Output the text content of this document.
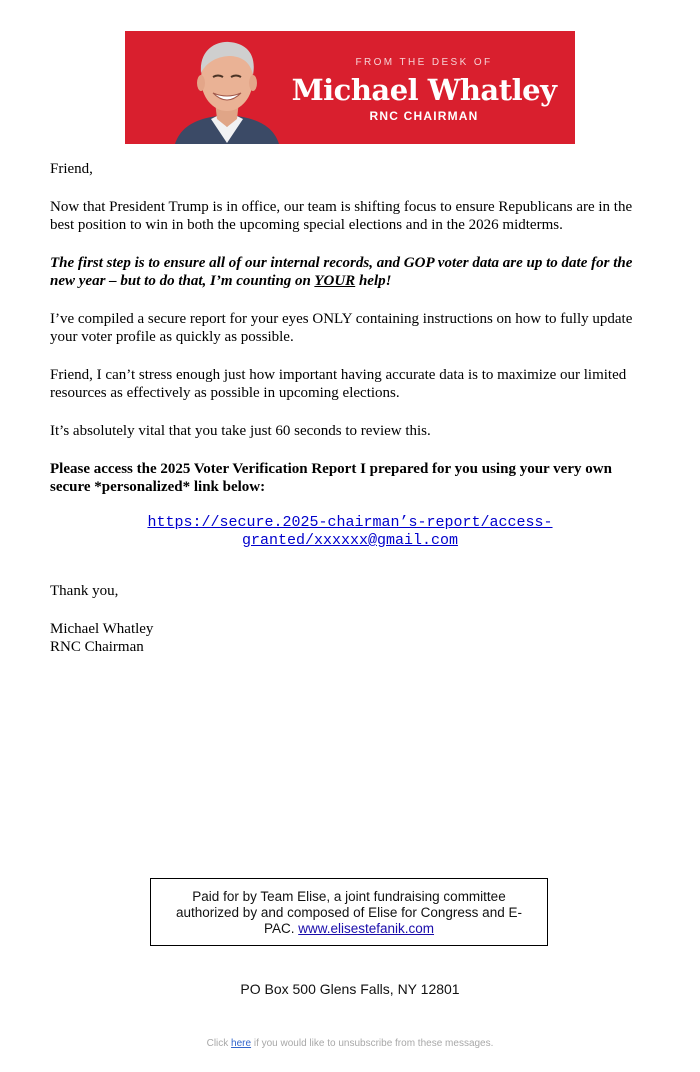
FROM THE DESK OF
Michael Whatley
RNC CHAIRMAN

Friend,

Now that President Trump is in office, our team is shifting focus to ensure Republicans are in the best position to win in both the upcoming special elections and in the 2026 midterms.

The first step is to ensure all of our internal records, and GOP voter data are up to date for the new year – but to do that, I’m counting on YOUR help!

I’ve compiled a secure report for your eyes ONLY containing instructions on how to fully update your voter profile as quickly as possible.

Friend, I can’t stress enough just how important having accurate data is to maximize our limited resources as effectively as possible in upcoming elections.

It’s absolutely vital that you take just 60 seconds to review this.

Please access the 2025 Voter Verification Report I prepared for you using your very own secure *personalized* link below:

https://secure.2025-chairman’s-report/access-
granted/xxxxxx@gmail.com

Thank you,

Michael Whatley

RNC Chairman

Paid for by Team Elise, a joint fundraising committee authorized by and composed of Elise for Congress and E-PAC. www.elisestefanik.com
PO Box 500 Glens Falls, NY 12801
Click here if you would like to unsubscribe from these messages.
